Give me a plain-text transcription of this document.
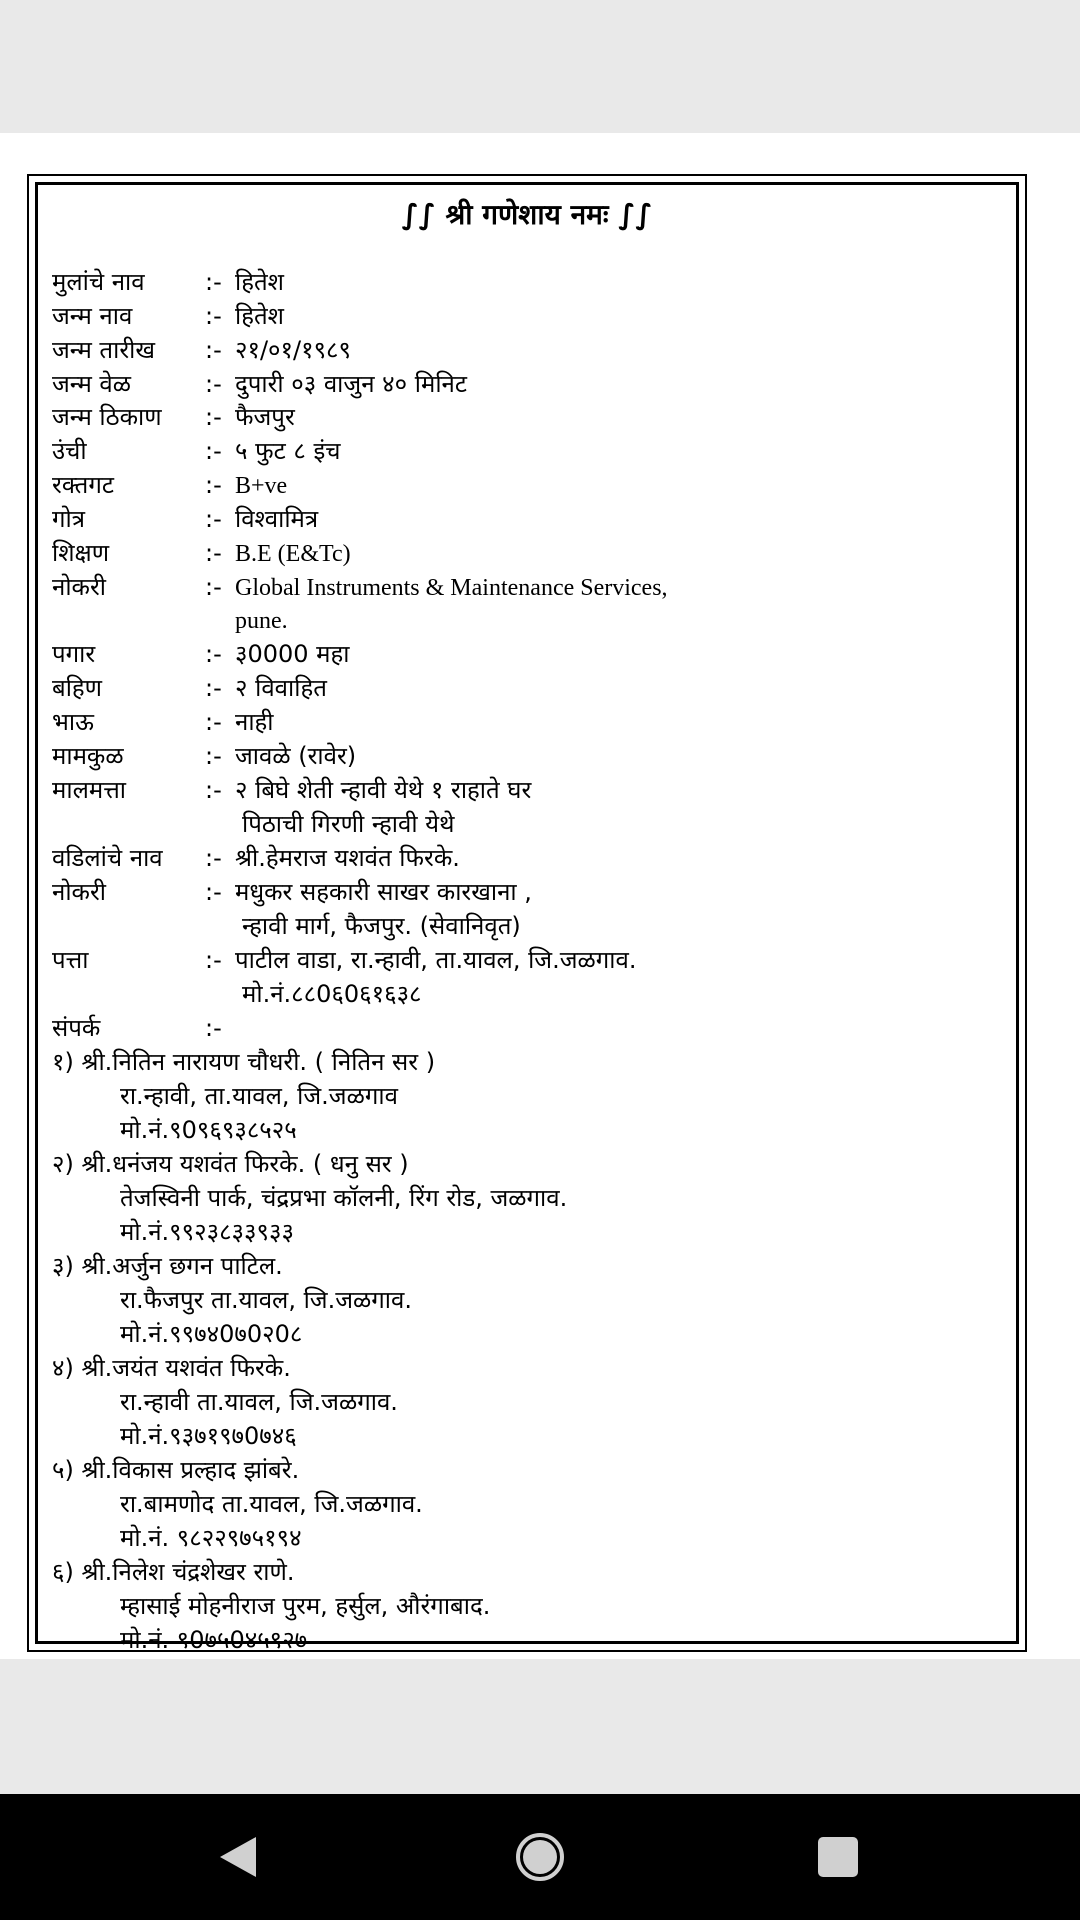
∫∫ श्री गणेशाय नमः ∫∫
मुलांचे नाव	:- हितेश
जन्म नाव	:- हितेश
जन्म तारीख :- २१/०१/१९८९
जन्म वेळ	:- दुपारी ०३ वाजुन ४० मिनिट
जन्म ठिकाण :- फैजपुर
उंची	:- ५ फुट ८ इंच
रक्तगट	:- B+ve
गोत्र	:- विश्वामित्र
शिक्षण	:- B.E (E&Tc)
नोकरी	:- Global Instruments & Maintenance Services,
pune.
पगार	:- ३0000 महा
बहिण	:- २ विवाहित
भाऊ	:- नाही
मामकुळ	:- जावळे (रावेर)
मालमत्ता	:- २ बिघे शेती न्हावी येथे १ राहाते घर
पिठाची गिरणी न्हावी येथे
वडिलांचे नाव :- श्री.हेमराज यशवंत फिरके.
नोकरी	:- मधुकर सहकारी साखर कारखाना ,
न्हावी मार्ग, फैजपुर. (सेवानिवृत)
पत्ता	:- पाटील वाडा, रा.न्हावी, ता.यावल, जि.जळगाव.
मो.नं.८८0६0६१६३८
संपर्क	:-
१) श्री.नितिन नारायण चौधरी. ( नितिन सर )
रा.न्हावी, ता.यावल, जि.जळगाव
मो.नं.९0९६९३८५२५
२) श्री.धनंजय यशवंत फिरके. ( धनु सर )
तेजस्विनी पार्क, चंद्रप्रभा कॉलनी, रिंग रोड, जळगाव.
मो.नं.९९२३८३३९३३
३) श्री.अर्जुन छगन पाटिल.
रा.फैजपुर ता.यावल, जि.जळगाव.
मो.नं.९९७४0७0२0८
४) श्री.जयंत यशवंत फिरके.
रा.न्हावी ता.यावल, जि.जळगाव.
मो.नं.९३७१९७0७४६
५) श्री.विकास प्रल्हाद झांबरे.
रा.बामणोद ता.यावल, जि.जळगाव.
मो.नं. ९८२२९७५१९४
६) श्री.निलेश चंद्रशेखर राणे.
म्हासाई मोहनीराज पुरम, हर्सुल, औरंगाबाद.
मो.नं. ९0७५0४५९२७
